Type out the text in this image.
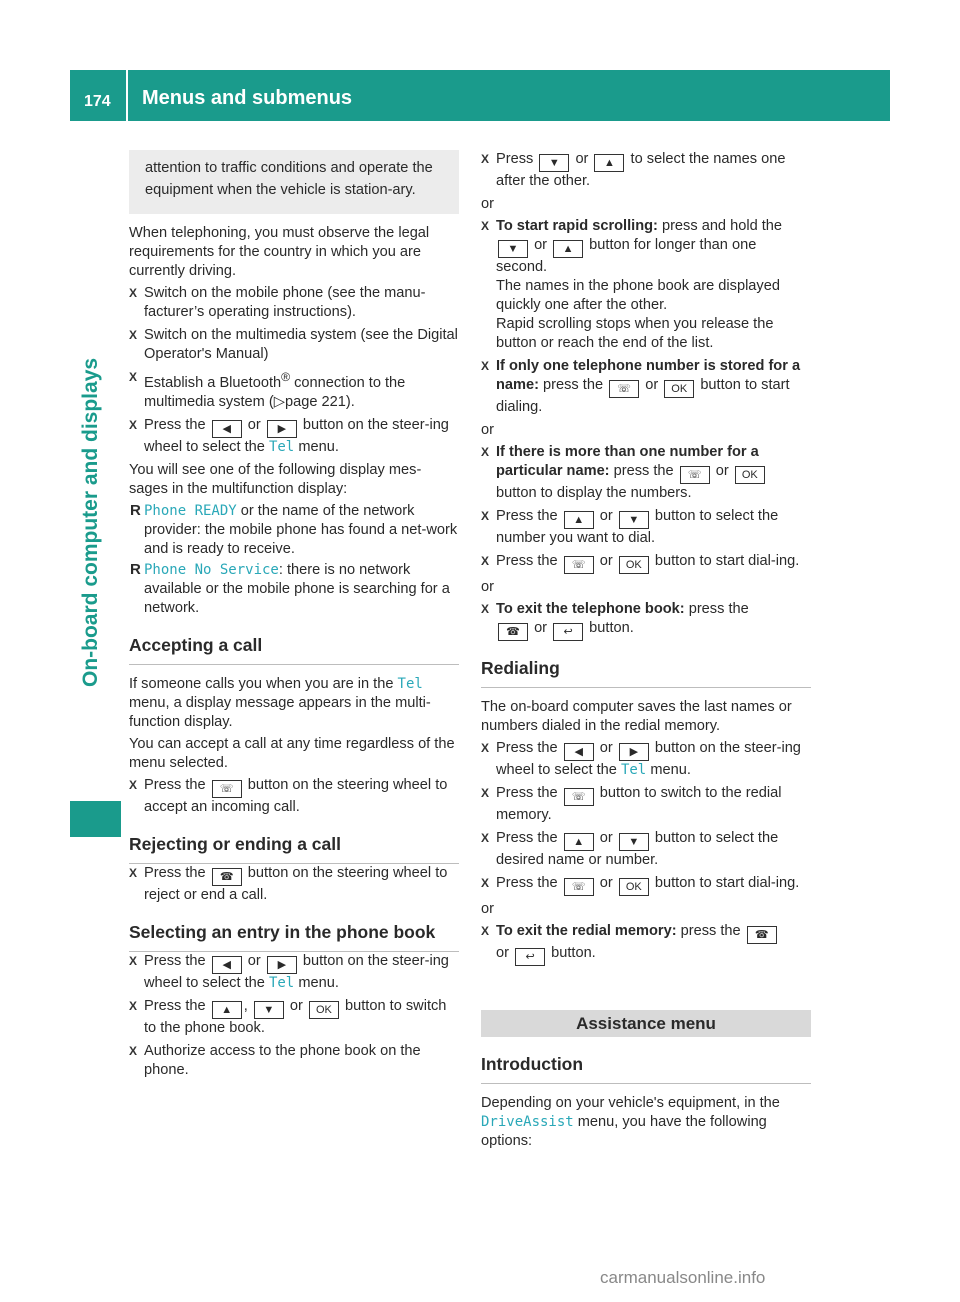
174 Menus and submenus
On-board computer and displays
attention to traffic conditions and operate the equipment when the vehicle is station-ary.

When telephoning, you must observe the legal requirements for the country in which you are currently driving.

X Switch on the mobile phone (see the manu-facturer’s operating instructions).
X Switch on the multimedia system (see the Digital Operator's Manual)
X Establish a Bluetooth® connection to the multimedia system (▷page 221).
X Press the ◀ or ▶ button on the steer-ing wheel to select the Tel menu.

You will see one of the following display mes-sages in the multifunction display:

R Phone READY or the name of the network provider: the mobile phone has found a net-work and is ready to receive.
R Phone No Service: there is no network available or the mobile phone is searching for a network.
Accepting a call

If someone calls you when you are in the Tel menu, a display message appears in the multi-function display.

You can accept a call at any time regardless of the menu selected.

X Press the ☏ button on the steering wheel to accept an incoming call.
Rejecting or ending a call
X Press the ☎ button on the steering wheel to reject or end a call.
Selecting an entry in the phone book
X Press the ◀ or ▶ button on the steer-ing wheel to select the Tel menu.
X Press the ▲ , ▼ or OK button to switch to the phone book.
X Authorize access to the phone book on the phone.
X Press ▼ or ▲ to select the names one after the other.

or

X To start rapid scrolling: press and hold the ▼ or ▲ button for longer than one second.
The names in the phone book are displayed quickly one after the other.
Rapid scrolling stops when you release the button or reach the end of the list.
X If only one telephone number is stored for a name: press the ☏ or OK button to start dialing.

or

X If there is more than one number for a particular name: press the ☏ or OK button to display the numbers.
X Press the ▲ or ▼ button to select the number you want to dial.
X Press the ☏ or OK button to start dial-ing.

or

X To exit the telephone book: press the
☎ or ↩ button.
Redialing

The on-board computer saves the last names or numbers dialed in the redial memory.

X Press the ◀ or ▶ button on the steer-ing wheel to select the Tel menu.
X Press the ☏ button to switch to the redial memory.
X Press the ▲ or ▼ button to select the desired name or number.
X Press the ☏ or OK button to start dial-ing.

or

X To exit the redial memory: press the ☎
or ↩ button.
Assistance menu
Introduction

Depending on your vehicle's equipment, in the
DriveAssist menu, you have the following options:

carmanualsonline.info
